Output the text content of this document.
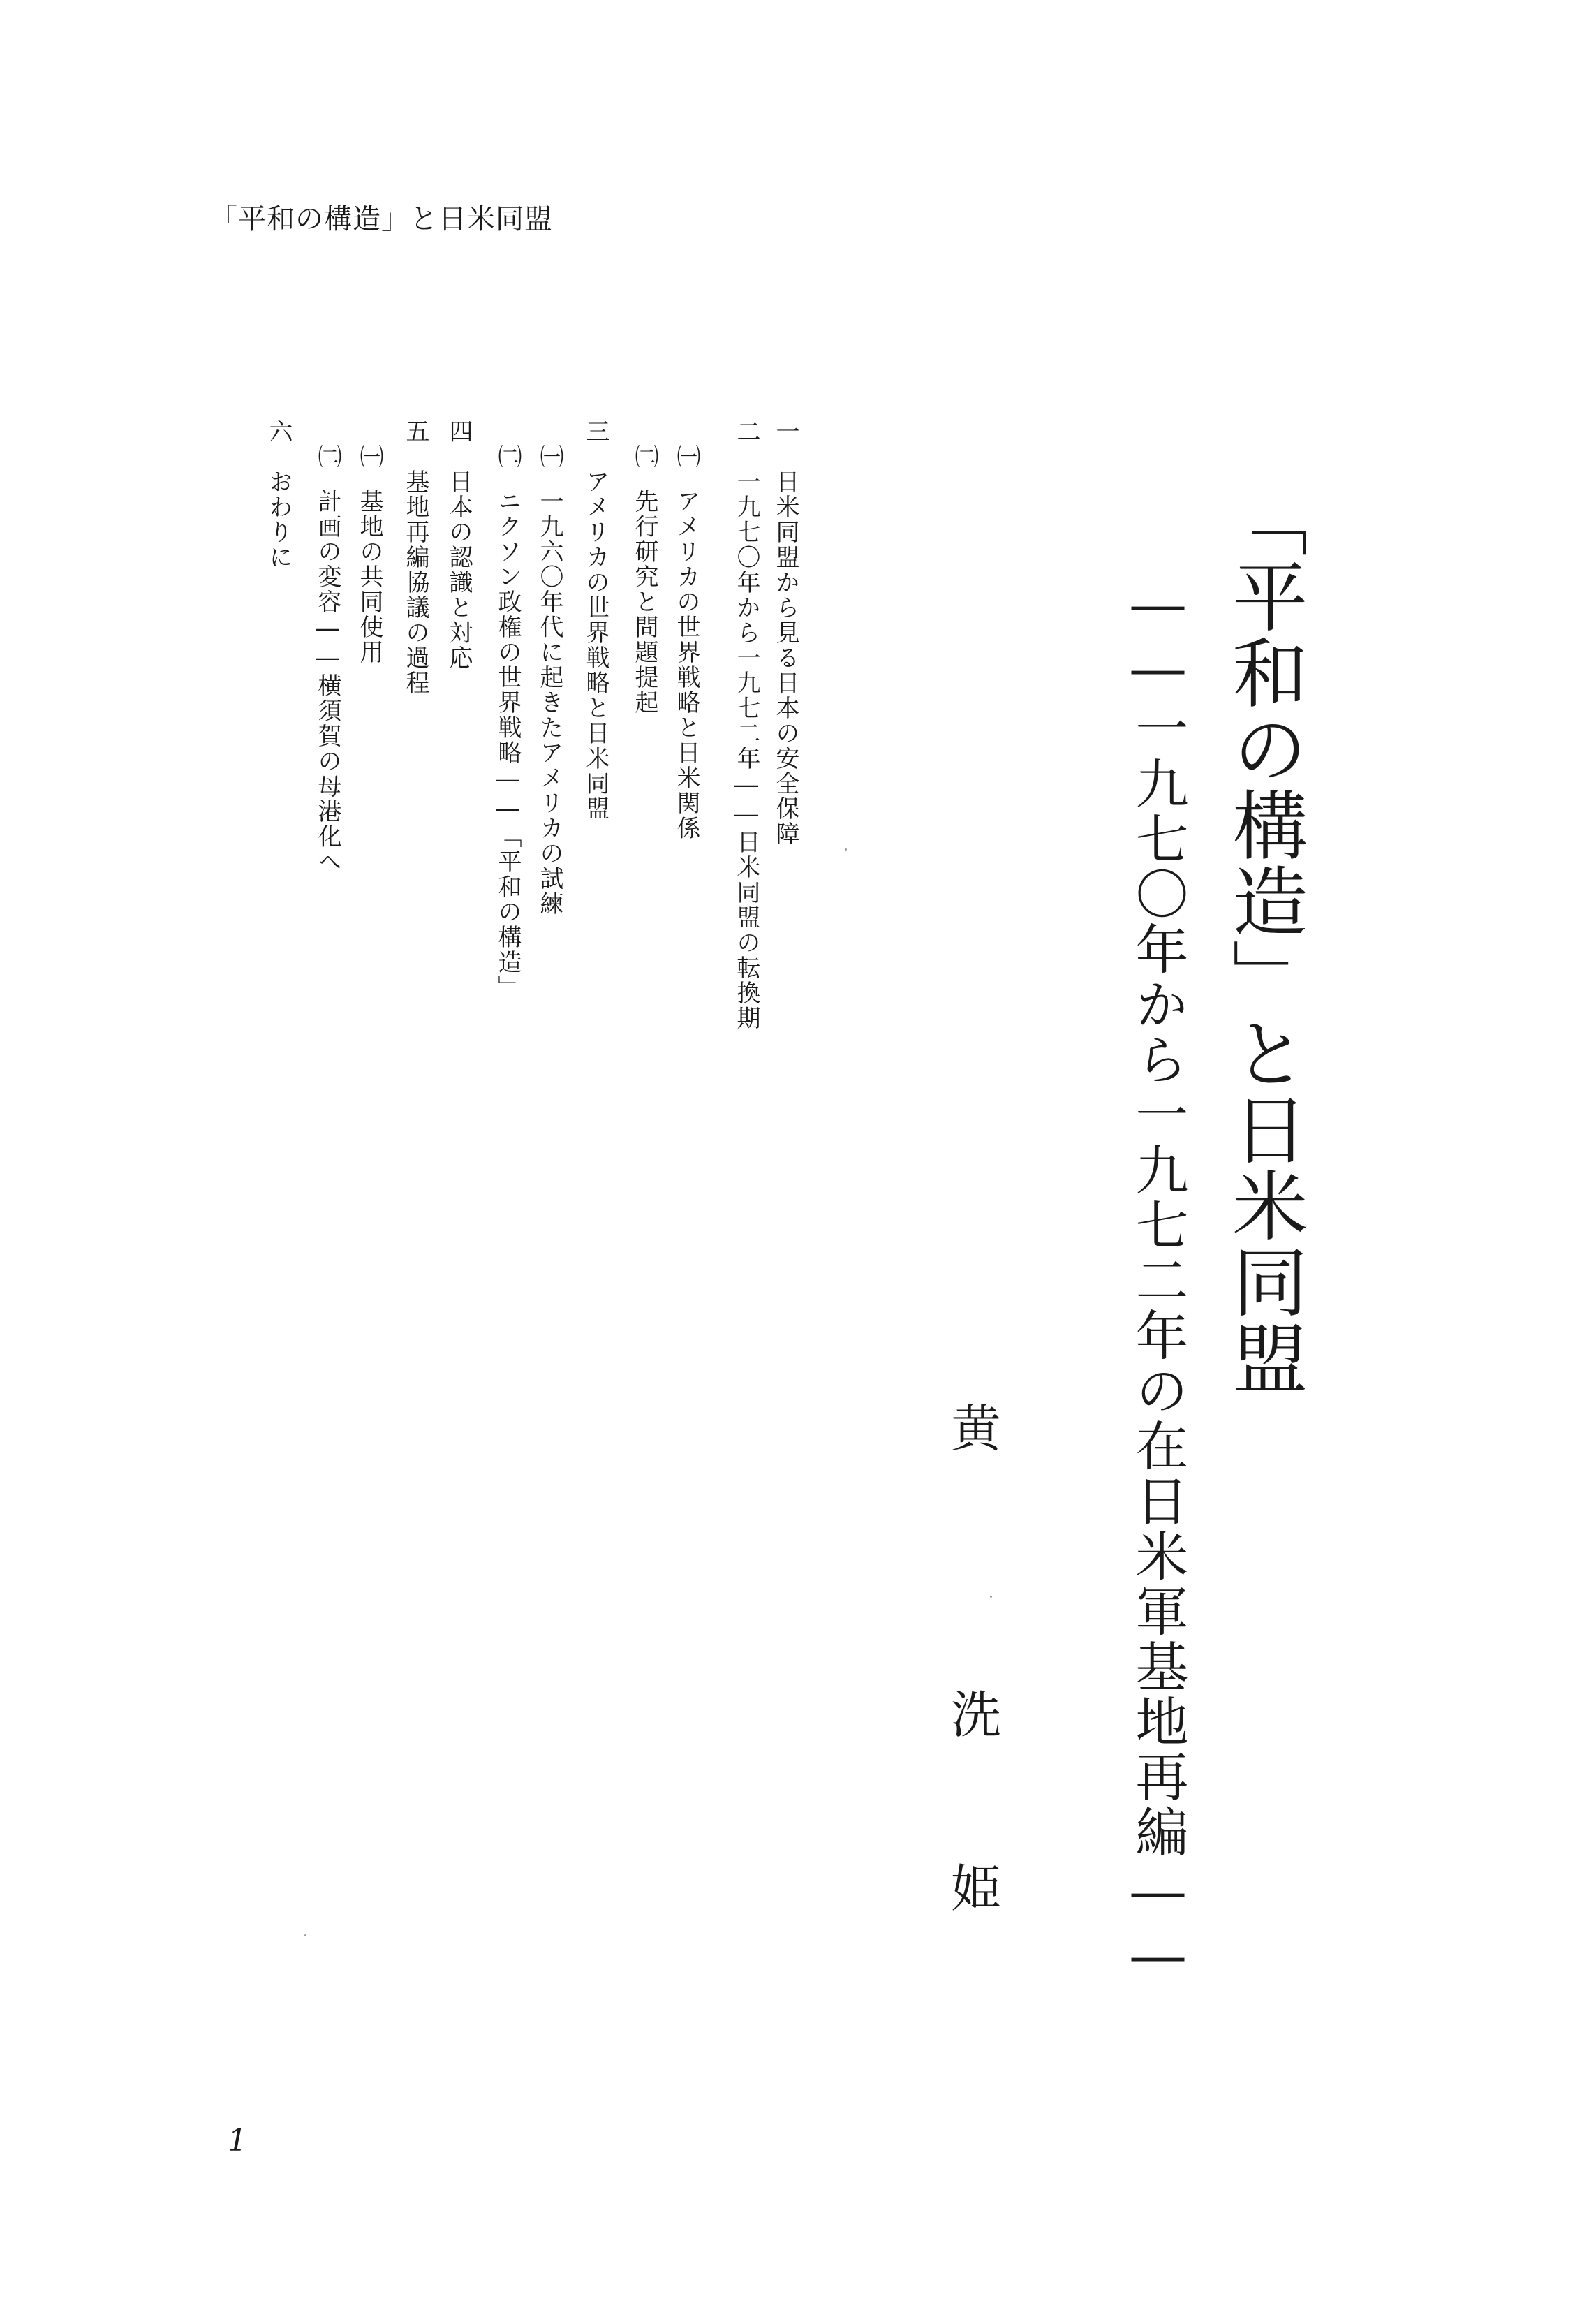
「平和の構造」と日米同盟
「平和の構造」と日米同盟
――一九七〇年から一九七二年の在日米軍基地再編――
黄
洗
姫
一
日米同盟から見る日本の安全保障
二
一九七〇年から一九七二年――日米同盟の転換期
㈠
アメリカの世界戦略と日米関係
㈡
先行研究と問題提起
三
アメリカの世界戦略と日米同盟
㈠
一九六〇年代に起きたアメリカの試練
㈡
ニクソン政権の世界戦略――「平和の構造」
四
日本の認識と対応
五
基地再編協議の過程
㈠
基地の共同使用
㈡
計画の変容――横須賀の母港化へ
六
おわりに
1
